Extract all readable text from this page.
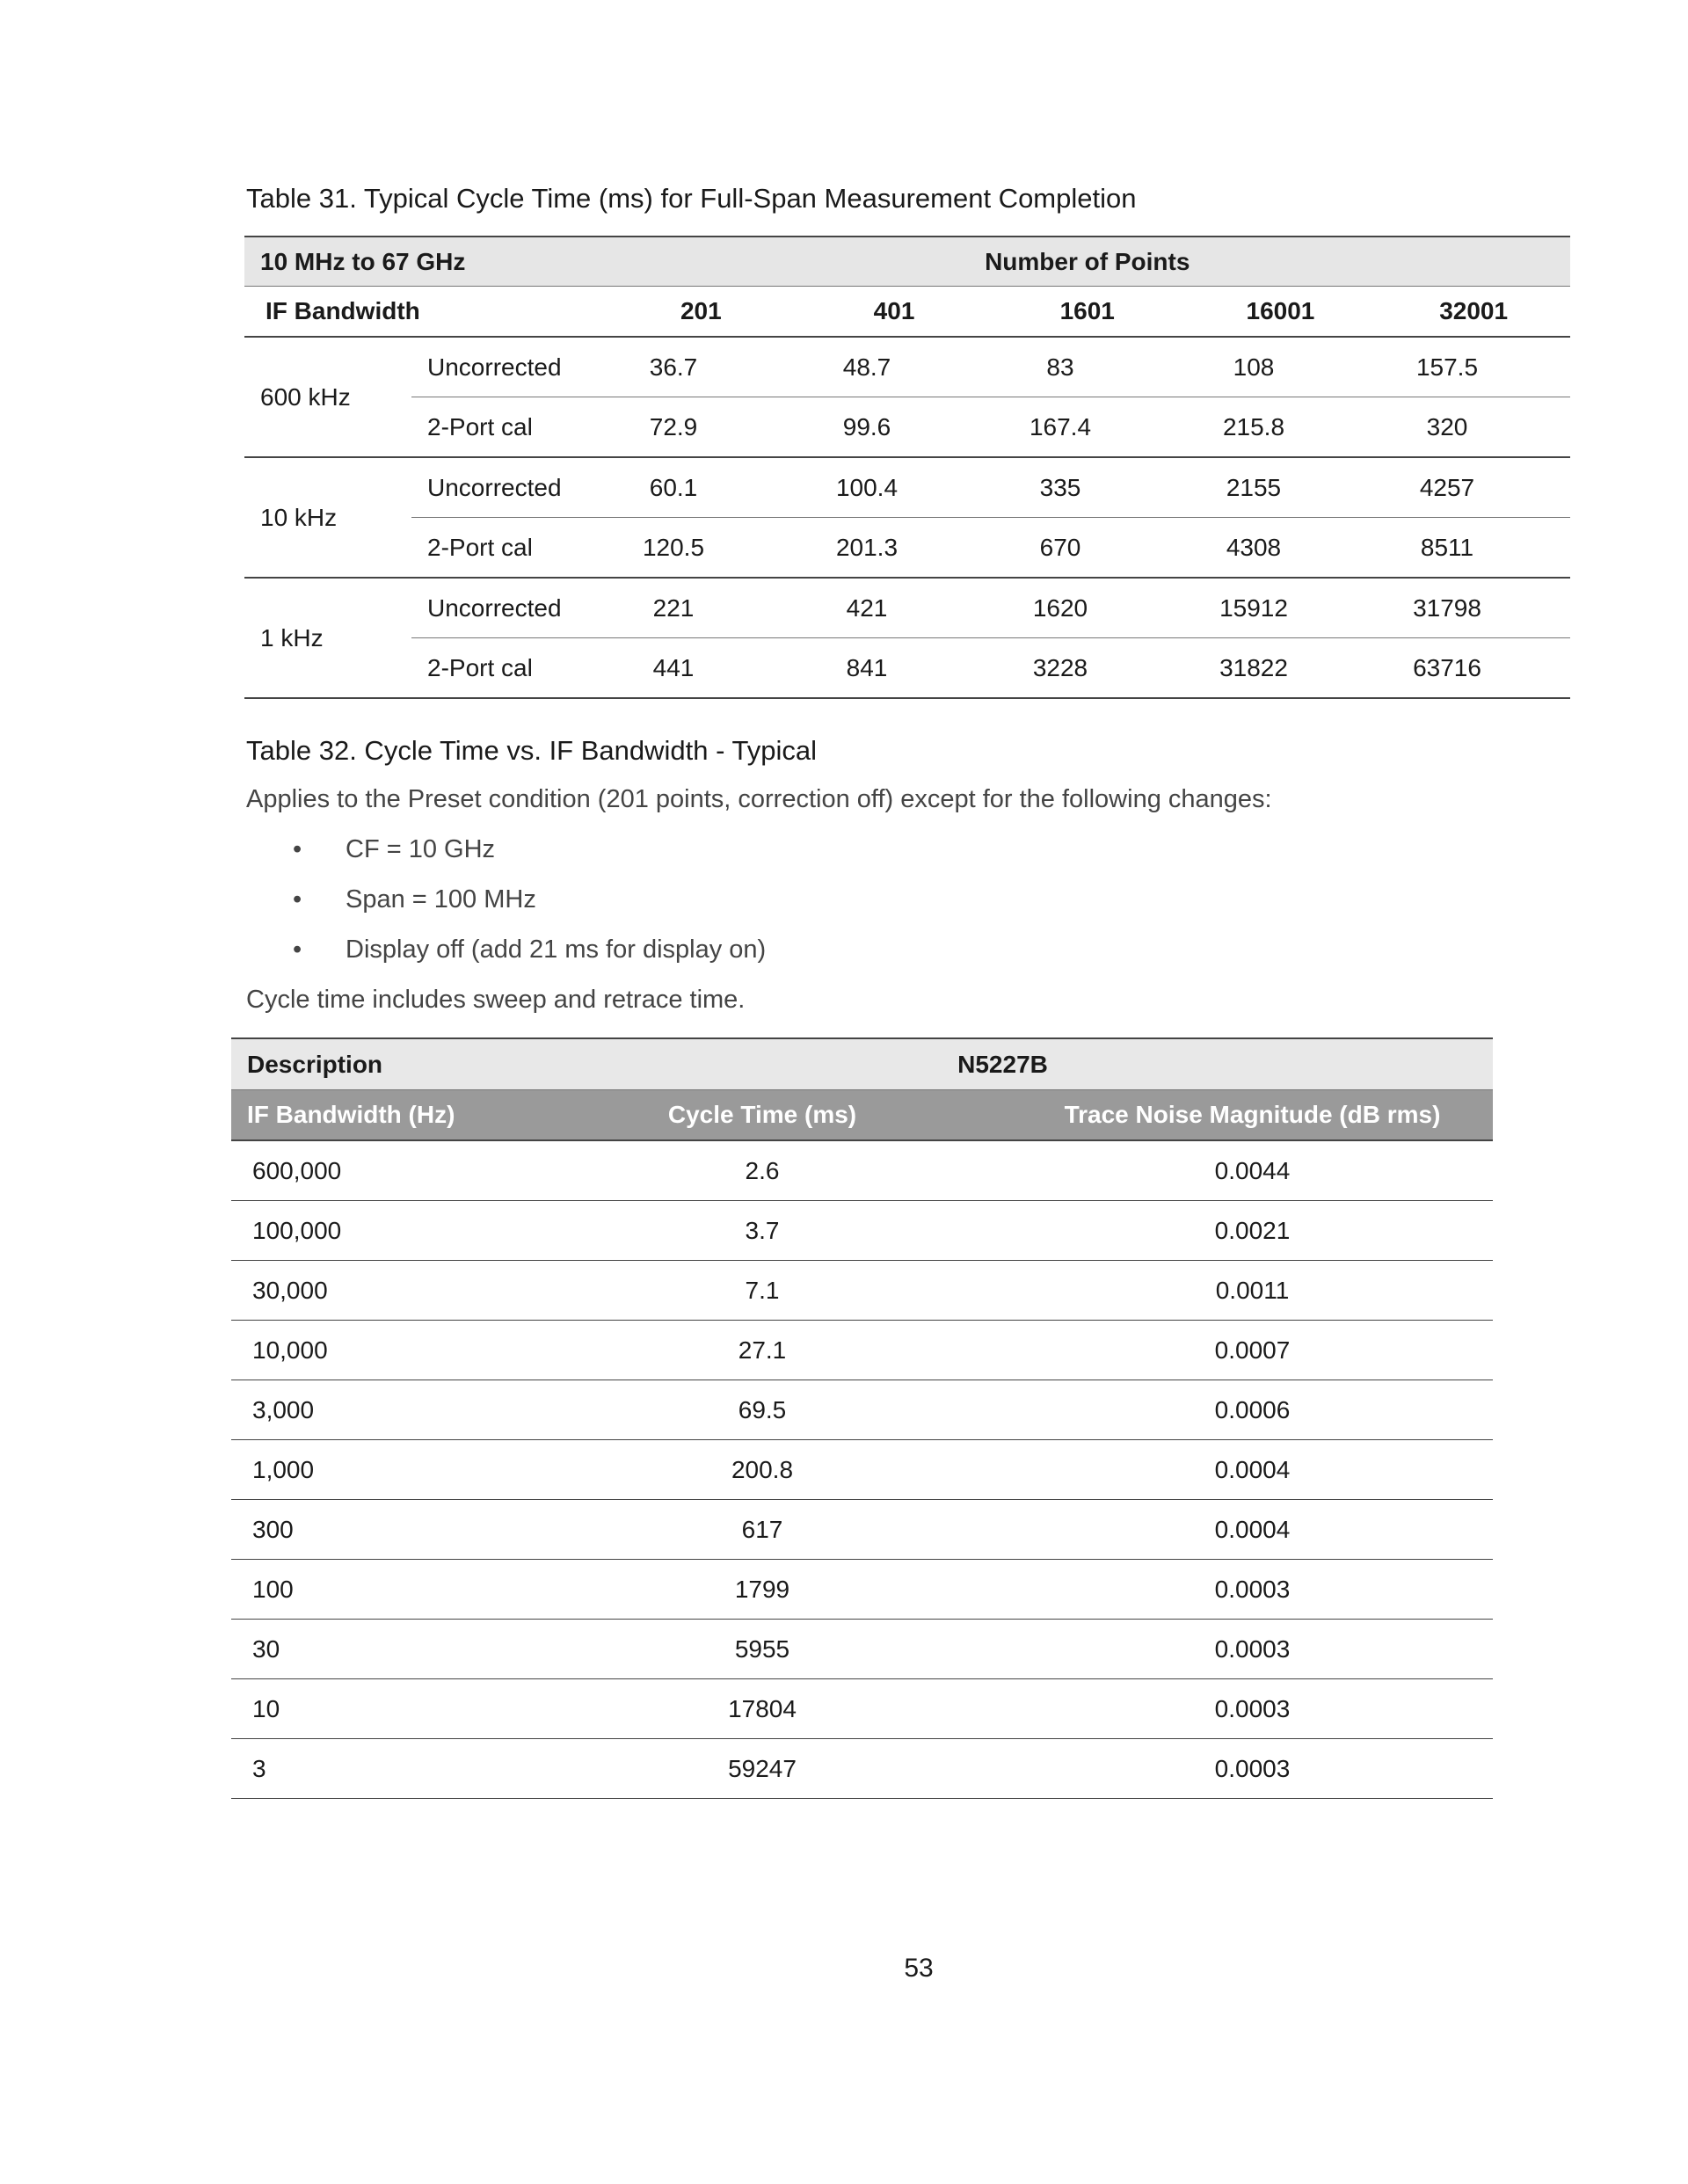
Table 31. Typical Cycle Time (ms) for Full-Span Measurement Completion
10 MHz to 67 GHz	Number of Points
IF Bandwidth	201	401	1601	16001	32001
600 kHz
Uncorrected	36.7	48.7	83	108	157.5
2-Port cal	72.9	99.6	167.4	215.8	320
10 kHz
Uncorrected	60.1	100.4	335	2155	4257
2-Port cal	120.5	201.3	670	4308	8511
1 kHz
Uncorrected	221	421	1620	15912	31798
2-Port cal	441	841	3228	31822	63716
Table 32. Cycle Time vs. IF Bandwidth - Typical
Applies to the Preset condition (201 points, correction off) except for the following changes:
• CF = 10 GHz
• Span = 100 MHz
• Display off (add 21 ms for display on)
Cycle time includes sweep and retrace time.
Description	N5227B
IF Bandwidth (Hz)	Cycle Time (ms)	Trace Noise Magnitude (dB rms)
600,000	2.6	0.0044
100,000	3.7	0.0021
30,000	7.1	0.0011
10,000	27.1	0.0007
3,000	69.5	0.0006
1,000	200.8	0.0004
300	617	0.0004
100	1799	0.0003
30	5955	0.0003
10	17804	0.0003
3	59247	0.0003
53
